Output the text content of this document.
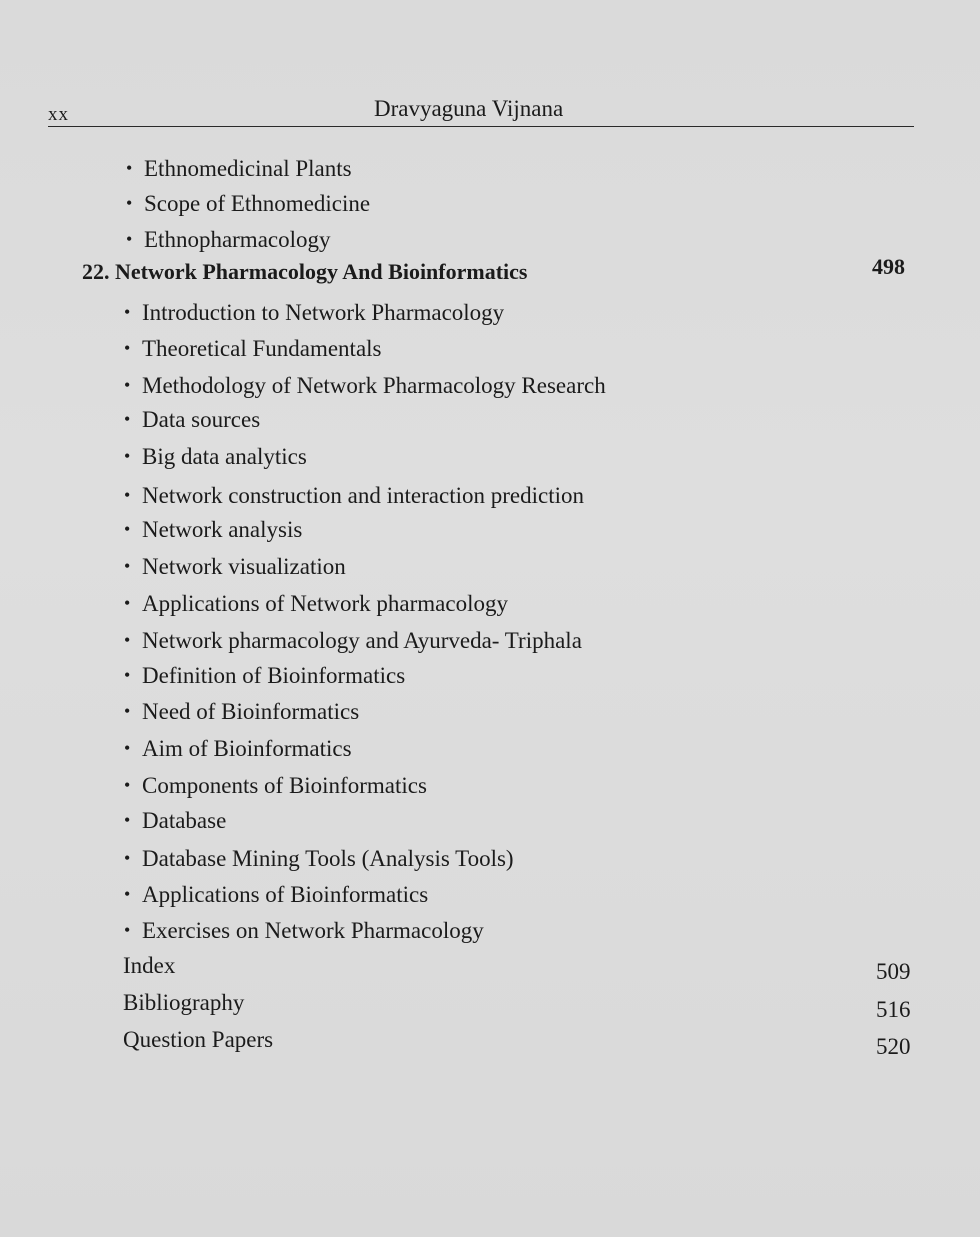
xx	Dravyaguna Vijnana
• Ethnomedicinal Plants
• Scope of Ethnomedicine
• Ethnopharmacology
• Introduction to Network Pharmacology
• Theoretical Fundamentals
• Methodology of Network Pharmacology Research
• Data sources
• Big data analytics
• Network construction and interaction prediction
• Network analysis
• Network visualization
• Applications of Network pharmacology
• Network pharmacology and Ayurveda- Triphala
• Definition of Bioinformatics
• Need of Bioinformatics
• Aim of Bioinformatics
• Components of Bioinformatics
• Database
• Database Mining Tools (Analysis Tools)
• Applications of Bioinformatics
• Exercises on Network Pharmacology
22. Network Pharmacology And Bioinformatics	498
Index	509
Bibliography	516
Question Papers	520
